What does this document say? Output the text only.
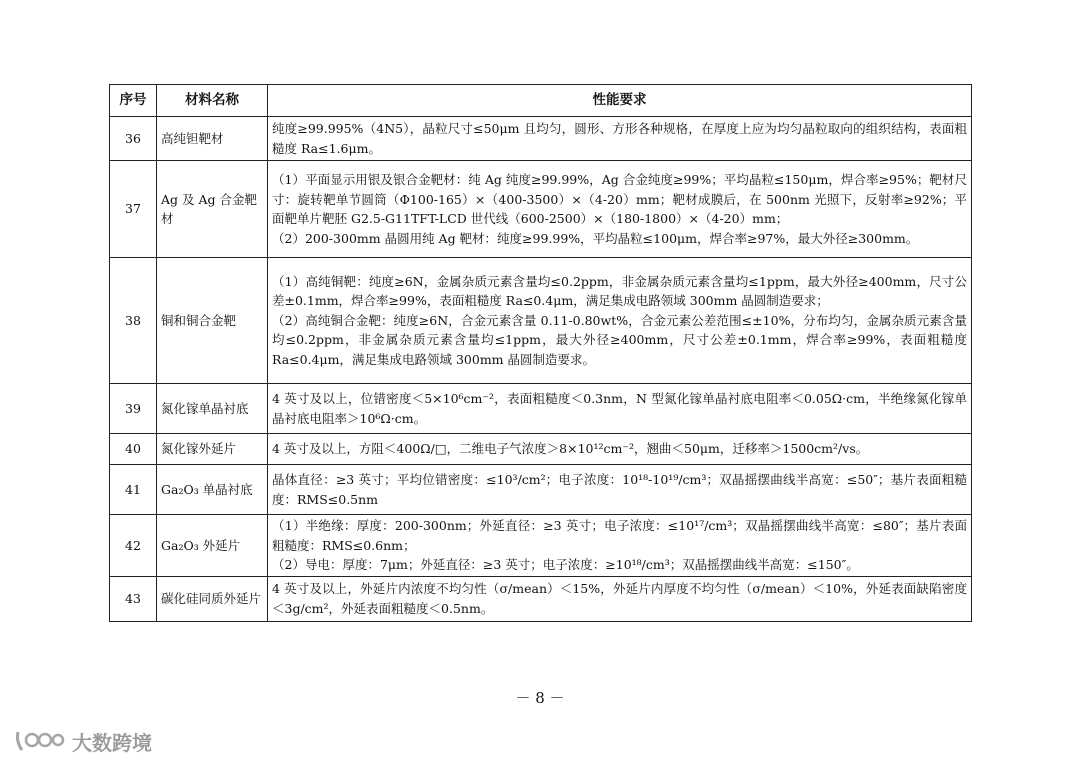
序号	材料名称	性能要求
36	高纯钽靶材	纯度≥99.995%（4N5），晶粒尺寸≤50μm 且均匀，圆形、方形各种规格，在厚度上应为均匀晶粒取向的组织结构，表面粗糙度 Ra≤1.6μm。

37	Ag 及 Ag 合金靶材	（1）平面显示用银及银合金靶材：纯 Ag 纯度≥99.99%，Ag 合金纯度≥99%；平均晶粒≤150μm，焊合率≥95%；靶材尺寸：旋转靶单节圆筒（Φ100-165）×（400-3500）×（4-20）mm；靶材成膜后，在 500nm 光照下，反射率≥92%；平面靶单片靶胚 G2.5-G11TFT-LCD 世代线（600-2500）×（180-1800）×（4-20）mm；
（2）200-300mm 晶圆用纯 Ag 靶材：纯度≥99.99%，平均晶粒≤100μm，焊合率≥97%，最大外径≥300mm。

38	铜和铜合金靶	（1）高纯铜靶：纯度≥6N，金属杂质元素含量均≤0.2ppm，非金属杂质元素含量均≤1ppm，最大外径≥400mm，尺寸公差±0.1mm，焊合率≥99%，表面粗糙度 Ra≤0.4μm，满足集成电路领域 300mm 晶圆制造要求；
（2）高纯铜合金靶：纯度≥6N，合金元素含量 0.11-0.80wt%，合金元素公差范围≤±10%，分布均匀，金属杂质元素含量均≤0.2ppm，非金属杂质元素含量均≤1ppm，最大外径≥400mm，尺寸公差±0.1mm，焊合率≥99%，表面粗糙度 Ra≤0.4μm，满足集成电路领域 300mm 晶圆制造要求。

39	氮化镓单晶衬底	4 英寸及以上，位错密度＜5×10⁶cm⁻²，表面粗糙度＜0.3nm，N 型氮化镓单晶衬底电阻率＜0.05Ω·cm，半绝缘氮化镓单晶衬底电阻率＞10⁶Ω·cm。

40	氮化镓外延片	4 英寸及以上，方阻＜400Ω/□，二维电子气浓度＞8×10¹²cm⁻²，翘曲＜50μm，迁移率＞1500cm²/vs。

41	Ga₂O₃ 单晶衬底	晶体直径：≥3 英寸；平均位错密度：≤10³/cm²；电子浓度：10¹⁸-10¹⁹/cm³；双晶摇摆曲线半高宽：≤50″；基片表面粗糙度：RMS≤0.5nm

42	Ga₂O₃ 外延片	（1）半绝缘：厚度：200-300nm；外延直径：≥3 英寸；电子浓度：≤10¹⁷/cm³；双晶摇摆曲线半高宽：≤80″；基片表面粗糙度：RMS≤0.6nm；
（2）导电：厚度：7μm；外延直径：≥3 英寸；电子浓度：≥10¹⁸/cm³；双晶摇摆曲线半高宽：≤150″。

43	碳化硅同质外延片	4 英寸及以上，外延片内浓度不均匀性（σ/mean）＜15%，外延片内厚度不均匀性（σ/mean）＜10%，外延表面缺陷密度＜3g/cm²，外延表面粗糙度＜0.5nm。
－ 8 －
大数跨境
